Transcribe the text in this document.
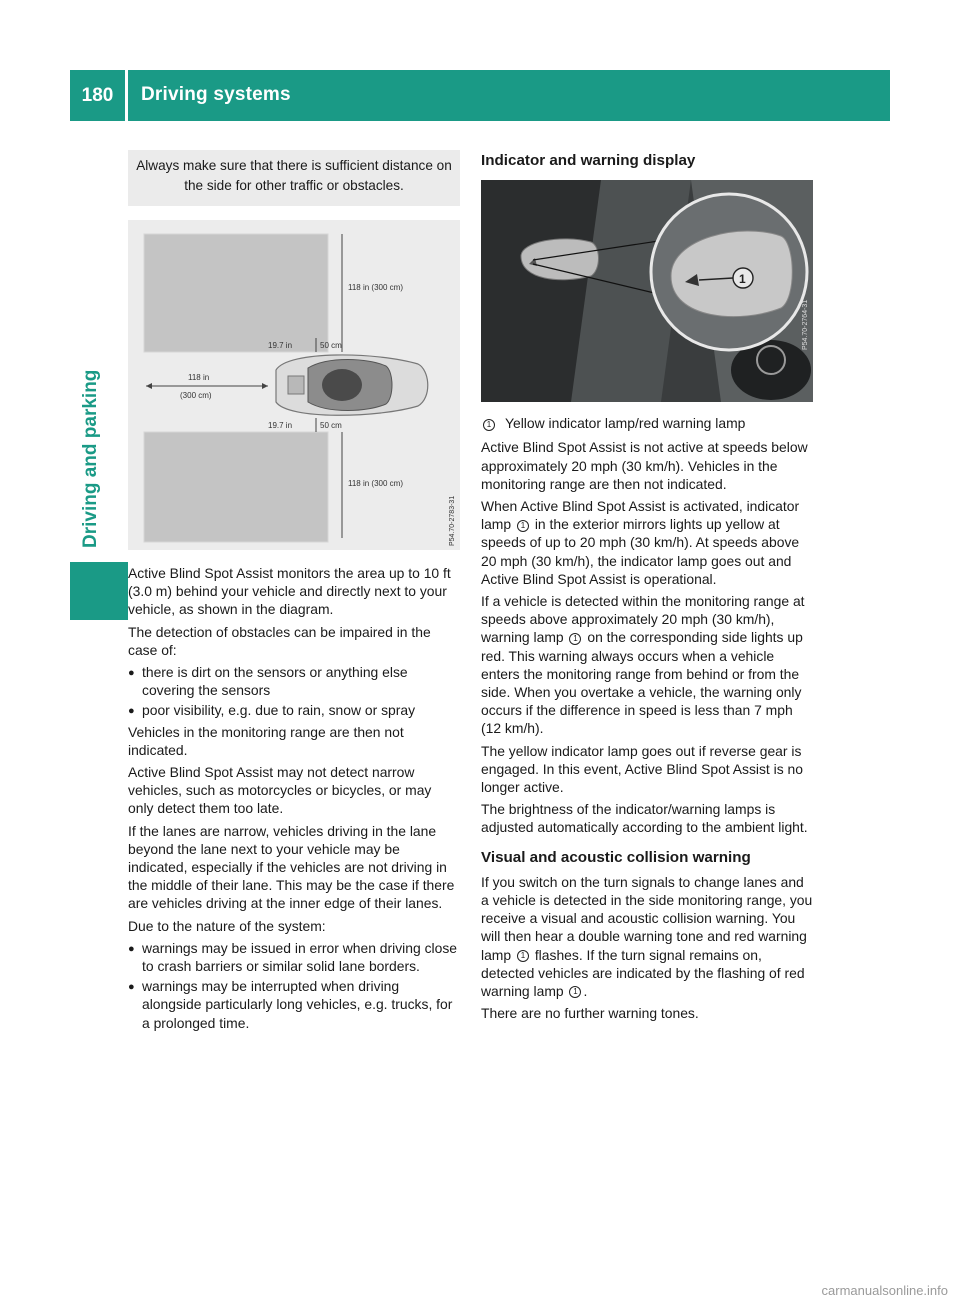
180	Driving systems
Always make sure that there is sufficient distance on the side for other traffic or obstacles.
118 in (300 cm)
19.7 in	50 cm
118 in
(300 cm)
19.7 in	50 cm
118 in (300 cm)
P54.70-2783-31

Active Blind Spot Assist monitors the area up to 10 ft (3.0 m) behind your vehicle and directly next to your vehicle, as shown in the diagram.

The detection of obstacles can be impaired in the case of:

● there is dirt on the sensors or anything else covering the sensors
● poor visibility, e.g. due to rain, snow or spray

Vehicles in the monitoring range are then not indicated.

Active Blind Spot Assist may not detect narrow vehicles, such as motorcycles or bicycles, or may only detect them too late.

If the lanes are narrow, vehicles driving in the lane beyond the lane next to your vehicle may be indicated, especially if the vehicles are not driving in the middle of their lane. This may be the case if there are vehicles driving at the inner edge of their lanes.

Due to the nature of the system:

● warnings may be issued in error when driving close to crash barriers or similar solid lane borders.
● warnings may be interrupted when driving alongside particularly long vehicles, e.g. trucks, for a prolonged time.
Indicator and warning display
1
P54.70-2764-31
1 Yellow indicator lamp/red warning lamp

Active Blind Spot Assist is not active at speeds below approximately 20 mph (30 km/h). Vehicles in the monitoring range are then not indicated.

When Active Blind Spot Assist is activated, indicator lamp 1 in the exterior mirrors lights up yellow at speeds of up to 20 mph (30 km/h). At speeds above 20 mph (30 km/h), the indicator lamp goes out and Active Blind Spot Assist is operational.

If a vehicle is detected within the monitoring range at speeds above approximately 20 mph (30 km/h), warning lamp 1 on the corresponding side lights up red. This warning always occurs when a vehicle enters the monitoring range from behind or from the side. When you overtake a vehicle, the warning only occurs if the difference in speed is less than 7 mph (12 km/h).

The yellow indicator lamp goes out if reverse gear is engaged. In this event, Active Blind Spot Assist is no longer active.

The brightness of the indicator/warning lamps is adjusted automatically according to the ambient light.

Visual and acoustic collision warning

If you switch on the turn signals to change lanes and a vehicle is detected in the side monitoring range, you receive a visual and acoustic collision warning. You will then hear a double warning tone and red warning lamp 1 flashes. If the turn signal remains on, detected vehicles are indicated by the flashing of red warning lamp 1 .

There are no further warning tones.

carmanualsonline.info
